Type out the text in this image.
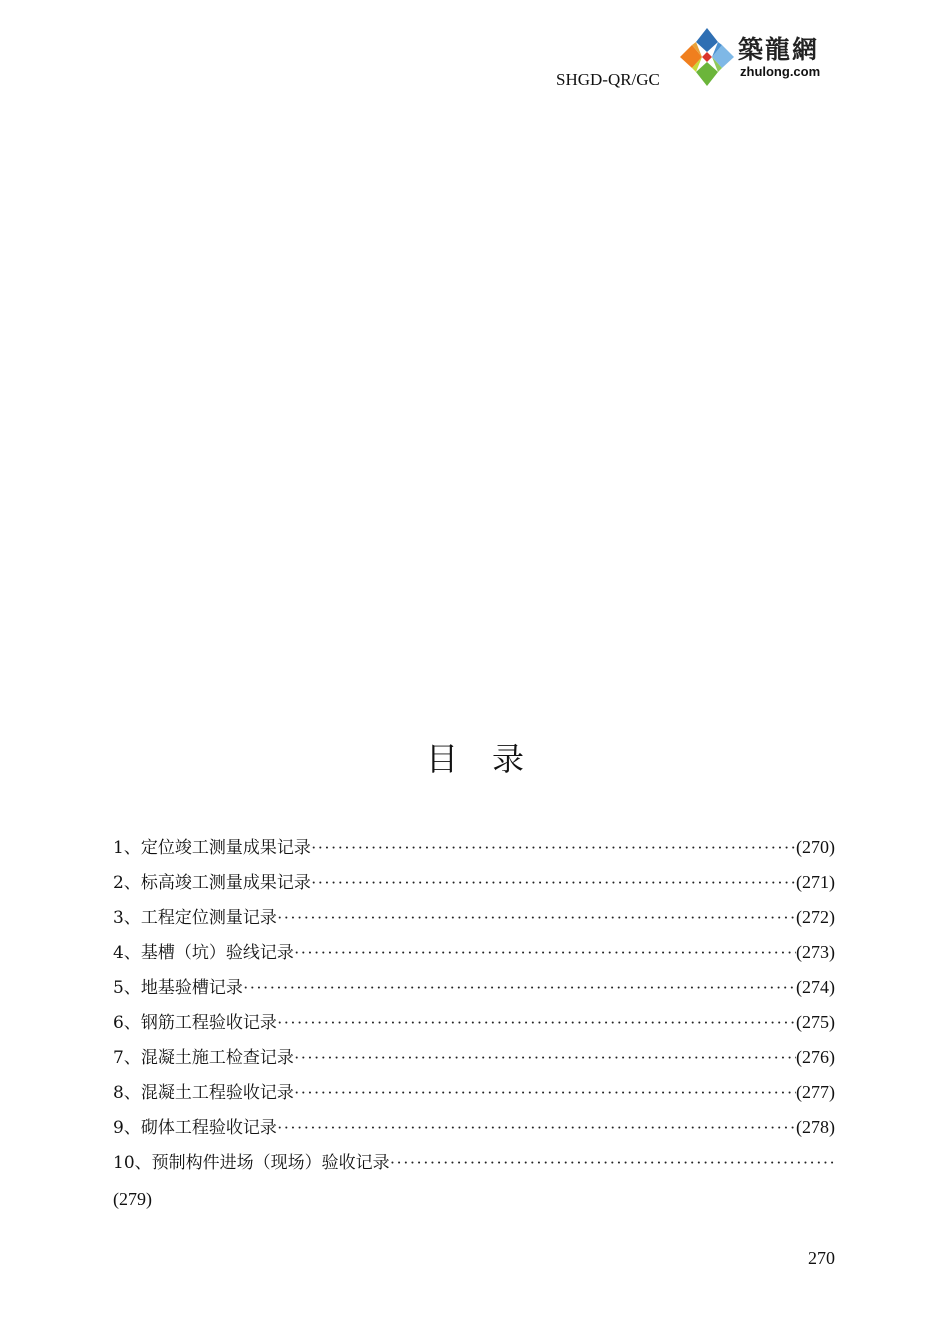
SHGD-QR/GC
築龍網
zhulong.com
目录
1、定位竣工测量成果记录 ·····	(270)
2、标高竣工测量成果记录 ·····	(271)
3、工程定位测量记录 ·····	(272)
4、基槽（坑）验线记录 ·····	(273)
5、地基验槽记录 ·····	(274)
6、钢筋工程验收记录 ·····	(275)
7、混凝土施工检查记录 ·····	(276)
8、混凝土工程验收记录 ·····	(277)
9、砌体工程验收记录 ·····	(278)
10、预制构件进场（现场）验收记录
·····
(279)
270
